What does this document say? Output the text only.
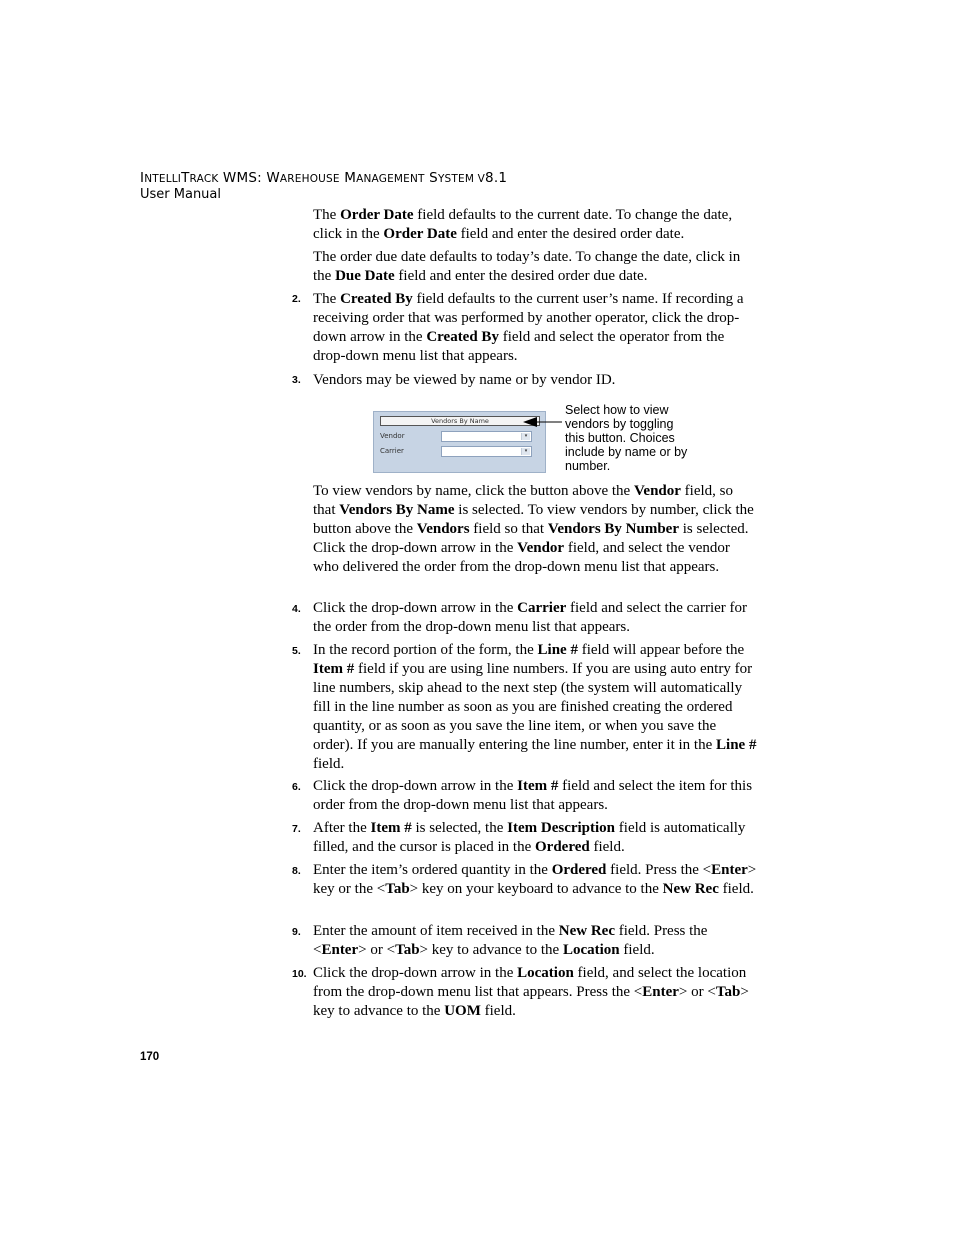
INTELLITRACK WMS: WAREHOUSE MANAGEMENT SYSTEM V8.1
User Manual
The Order Date field defaults to the current date. To change the date, click in the Order Date field and enter the desired order date.
The order due date defaults to today’s date. To change the date, click in the Due Date field and enter the desired order due date.
2. The Created By field defaults to the current user’s name. If recording a receiving order that was performed by another operator, click the drop-down arrow in the Created By field and select the operator from the drop-down menu list that appears.
3. Vendors may be viewed by name or by vendor ID.
Vendors By Name
Vendor	▾
Carrier	▾
Select how to view vendors by toggling this button. Choices include by name or by number.
To view vendors by name, click the button above the Vendor field, so that Vendors By Name is selected. To view vendors by number, click the button above the Vendors field so that Vendors By Number is selected. Click the drop-down arrow in the Vendor field, and select the vendor who delivered the order from the drop-down menu list that appears.
4. Click the drop-down arrow in the Carrier field and select the carrier for the order from the drop-down menu list that appears.
5. In the record portion of the form, the Line # field will appear before the Item # field if you are using line numbers. If you are using auto entry for line numbers, skip ahead to the next step (the system will automatically fill in the line number as soon as you are finished creating the ordered quantity, or as soon as you save the line item, or when you save the order). If you are manually entering the line number, enter it in the Line # field.
6. Click the drop-down arrow in the Item # field and select the item for this order from the drop-down menu list that appears.
7. After the Item # is selected, the Item Description field is automatically filled, and the cursor is placed in the Ordered field.
8. Enter the item’s ordered quantity in the Ordered field. Press the <Enter> key or the <Tab> key on your keyboard to advance to the New Rec field.
9. Enter the amount of item received in the New Rec field. Press the <Enter> or <Tab> key to advance to the Location field.
10. Click the drop-down arrow in the Location field, and select the location from the drop-down menu list that appears. Press the <Enter> or <Tab> key to advance to the UOM field.
170
